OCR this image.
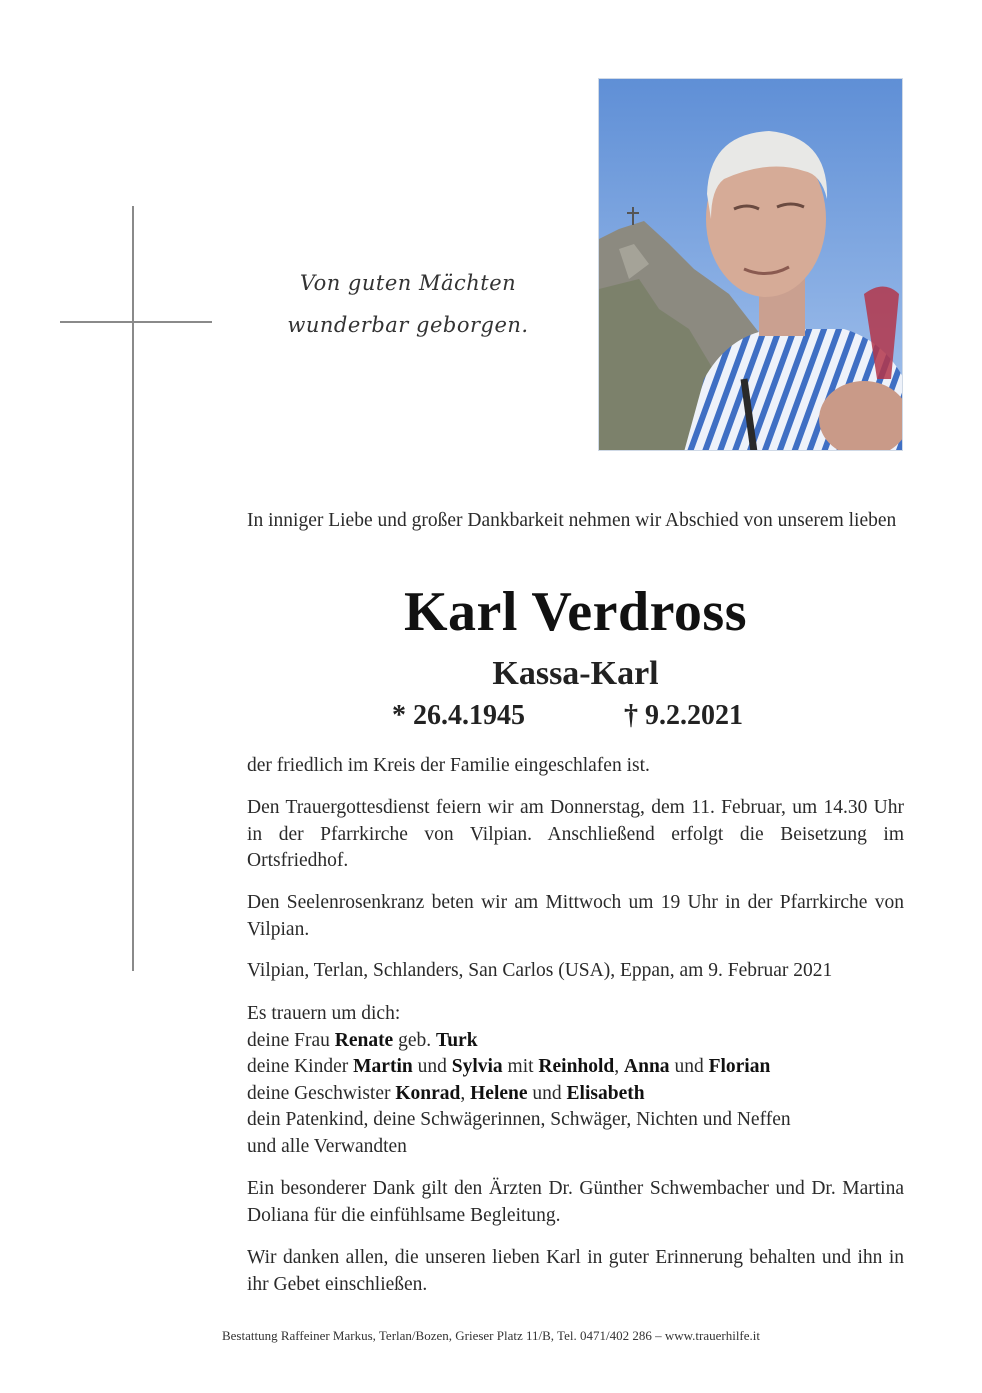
Von guten Mächten
wunderbar geborgen.
In inniger Liebe und großer Dankbarkeit nehmen wir Abschied von unserem lieben
Karl Verdross
Kassa-Karl
* 26.4.1945	† 9.2.2021
der friedlich im Kreis der Familie eingeschlafen ist.
Den Trauergottesdienst feiern wir am Donnerstag, dem 11. Februar, um 14.30 Uhr in der Pfarrkirche von Vilpian. Anschließend erfolgt die Beisetzung im Ortsfriedhof.
Den Seelenrosenkranz beten wir am Mittwoch um 19 Uhr in der Pfarrkirche von Vilpian.
Vilpian, Terlan, Schlanders, San Carlos (USA), Eppan, am 9. Februar 2021
Es trauern um dich:
deine Frau Renate geb. Turk
deine Kinder Martin und Sylvia mit Reinhold, Anna und Florian
deine Geschwister Konrad, Helene und Elisabeth
dein Patenkind, deine Schwägerinnen, Schwäger, Nichten und Neffen
und alle Verwandten
Ein besonderer Dank gilt den Ärzten Dr. Günther Schwembacher und Dr. Martina Doliana für die einfühlsame Begleitung.
Wir danken allen, die unseren lieben Karl in guter Erinnerung behalten und ihn in ihr Gebet einschließen.
Bestattung Raffeiner Markus, Terlan/Bozen, Grieser Platz 11/B, Tel. 0471/402 286 – www.trauerhilfe.it
